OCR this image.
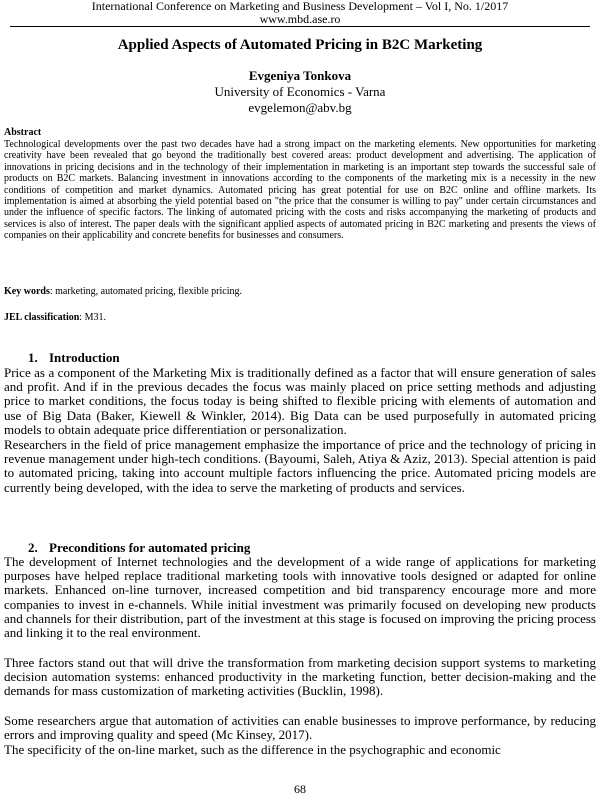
International Conference on Marketing and Business Development – Vol I, No. 1/2017
www.mbd.ase.ro
Applied Aspects of Automated Pricing in B2C Marketing
Evgeniya Tonkova
University of Economics - Varna
evgelemon@abv.bg
Abstract
Technological developments over the past two decades have had a strong impact on the marketing elements. New opportunities for marketing creativity have been revealed that go beyond the traditionally best covered areas: product development and advertising. The application of innovations in pricing decisions and in the technology of their implementation in marketing is an important step towards the successful sale of products on B2C markets. Balancing investment in innovations according to the components of the marketing mix is a necessity in the new conditions of competition and market dynamics. Automated pricing has great potential for use on B2C online and offline markets. Its implementation is aimed at absorbing the yield potential based on "the price that the consumer is willing to pay" under certain circumstances and under the influence of specific factors. The linking of automated pricing with the costs and risks accompanying the marketing of products and services is also of interest. The paper deals with the significant applied aspects of automated pricing in B2C marketing and presents the views of companies on their applicability and concrete benefits for businesses and consumers.
Key words: marketing, automated pricing, flexible pricing.
JEL classification: M31.
1. Introduction

Price as a component of the Marketing Mix is traditionally defined as a factor that will ensure generation of sales and profit. And if in the previous decades the focus was mainly placed on price setting methods and adjusting price to market conditions, the focus today is being shifted to flexible pricing with elements of automation and use of Big Data (Baker, Kiewell & Winkler, 2014). Big Data can be used purposefully in automated pricing models to obtain adequate price differentiation or personalization.

Researchers in the field of price management emphasize the importance of price and the technology of pricing in revenue management under high-tech conditions. (Bayoumi, Saleh, Atiya & Aziz, 2013). Special attention is paid to automated pricing, taking into account multiple factors influencing the price. Automated pricing models are currently being developed, with the idea to serve the marketing of products and services.

2. Preconditions for automated pricing

The development of Internet technologies and the development of a wide range of applications for marketing purposes have helped replace traditional marketing tools with innovative tools designed or adapted for online markets. Enhanced on-line turnover, increased competition and bid transparency encourage more and more companies to invest in e-channels. While initial investment was primarily focused on developing new products and channels for their distribution, part of the investment at this stage is focused on improving the pricing process and linking it to the real environment.

Three factors stand out that will drive the transformation from marketing decision support systems to marketing decision automation systems: enhanced productivity in the marketing function, better decision-making and the demands for mass customization of marketing activities (Bucklin, 1998).

Some researchers argue that automation of activities can enable businesses to improve performance, by reducing errors and improving quality and speed (Mc Kinsey, 2017).

The specificity of the on-line market, such as the difference in the psychographic and economic

68
